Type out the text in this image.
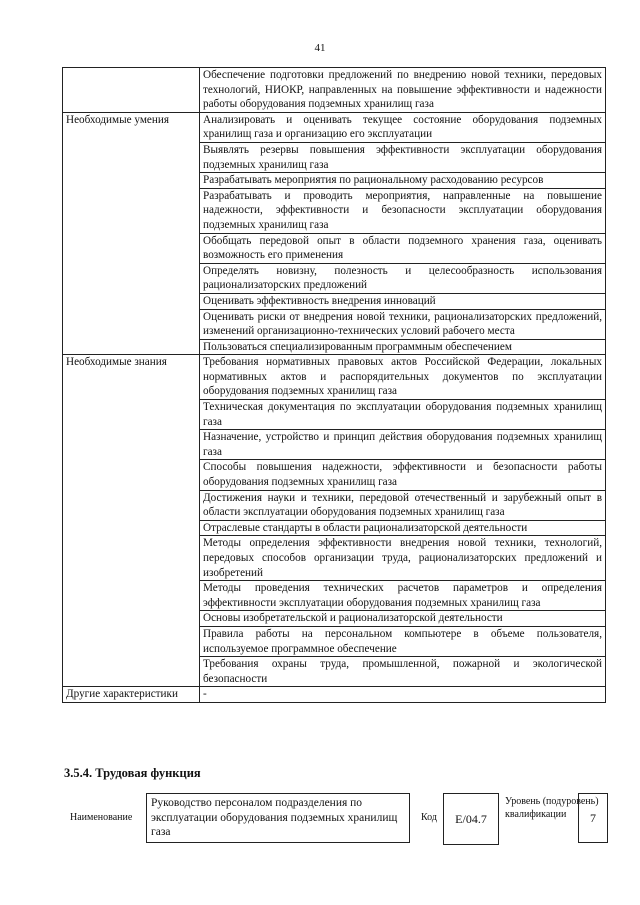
41
	Обеспечение подготовки предложений по внедрению новой техники, передовых технологий, НИОКР, направленных на повышение эффективности и надежности работы оборудования подземных хранилищ газа
Необходимые умения	Анализировать и оценивать текущее состояние оборудования подземных хранилищ газа и организацию его эксплуатации
	Выявлять резервы повышения эффективности эксплуатации оборудования подземных хранилищ газа
	Разрабатывать мероприятия по рациональному расходованию ресурсов
	Разрабатывать и проводить мероприятия, направленные на повышение надежности, эффективности и безопасности эксплуатации оборудования подземных хранилищ газа
	Обобщать передовой опыт в области подземного хранения газа, оценивать возможность его применения
	Определять новизну, полезность и целесообразность использования рационализаторских предложений
	Оценивать эффективность внедрения инноваций
	Оценивать риски от внедрения новой техники, рационализаторских предложений, изменений организационно-технических условий рабочего места
	Пользоваться специализированным программным обеспечением
Необходимые знания	Требования нормативных правовых актов Российской Федерации, локальных нормативных актов и распорядительных документов по эксплуатации оборудования подземных хранилищ газа
	Техническая документация по эксплуатации оборудования подземных хранилищ газа
	Назначение, устройство и принцип действия оборудования подземных хранилищ газа
	Способы повышения надежности, эффективности и безопасности работы оборудования подземных хранилищ газа
	Достижения науки и техники, передовой отечественный и зарубежный опыт в области эксплуатации оборудования подземных хранилищ газа
	Отраслевые стандарты в области рационализаторской деятельности
	Методы определения эффективности внедрения новой техники, технологий, передовых способов организации труда, рационализаторских предложений и изобретений
	Методы проведения технических расчетов параметров и определения эффективности эксплуатации оборудования подземных хранилищ газа
	Основы изобретательской и рационализаторской деятельности
	Правила работы на персональном компьютере в объеме пользователя, используемое программное обеспечение
	Требования охраны труда, промышленной, пожарной и экологической безопасности
Другие характеристики	-
3.5.4. Трудовая функция
Наименование
Руководство персоналом подразделения по эксплуатации оборудования подземных хранилищ газа
Код	E/04.7
Уровень (подуровень) квалификации	7
